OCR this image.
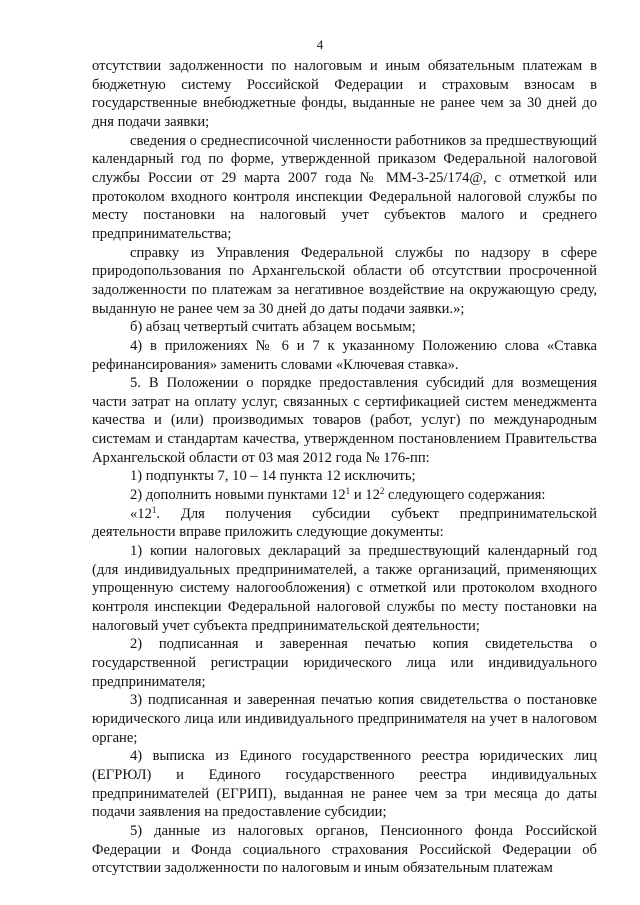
4

отсутствии задолженности по налоговым и иным обязательным платежам в бюджетную систему Российской Федерации и страховым взносам в государственные внебюджетные фонды, выданные не ранее чем за 30 дней до дня подачи заявки;

сведения о среднесписочной численности работников за предшествующий календарный год по форме, утвержденной приказом Федеральной налоговой службы России от 29 марта 2007 года № ММ-3-25/174@, с отметкой или протоколом входного контроля инспекции Федеральной налоговой службы по месту постановки на налоговый учет субъектов малого и среднего предпринимательства;

справку из Управления Федеральной службы по надзору в сфере природопользования по Архангельской области об отсутствии просроченной задолженности по платежам за негативное воздействие на окружающую среду, выданную не ранее чем за 30 дней до даты подачи заявки.»;

б) абзац четвертый считать абзацем восьмым;

4) в приложениях № 6 и 7 к указанному Положению слова «Ставка рефинансирования» заменить словами «Ключевая ставка».

5. В Положении о порядке предоставления субсидий для возмещения части затрат на оплату услуг, связанных с сертификацией систем менеджмента качества и (или) производимых товаров (работ, услуг) по международным системам и стандартам качества, утвержденном постановлением Правительства Архангельской области от 03 мая 2012 года № 176-пп:

1) подпункты 7, 10 – 14 пункта 12 исключить;

2) дополнить новыми пунктами $12^1$ и $12^2$ следующего содержания:

«$12^1$. Для получения субсидии субъект предпринимательской деятельности вправе приложить следующие документы:

1) копии налоговых деклараций за предшествующий календарный год (для индивидуальных предпринимателей, а также организаций, применяющих упрощенную систему налогообложения) с отметкой или протоколом входного контроля инспекции Федеральной налоговой службы по месту постановки на налоговый учет субъекта предпринимательской деятельности;

2) подписанная и заверенная печатью копия свидетельства о государственной регистрации юридического лица или индивидуального предпринимателя;

3) подписанная и заверенная печатью копия свидетельства о постановке юридического лица или индивидуального предпринимателя на учет в налоговом органе;

4) выписка из Единого государственного реестра юридических лиц (ЕГРЮЛ) и Единого государственного реестра индивидуальных предпринимателей (ЕГРИП), выданная не ранее чем за три месяца до даты подачи заявления на предоставление субсидии;

5) данные из налоговых органов, Пенсионного фонда Российской Федерации и Фонда социального страхования Российской Федерации об отсутствии задолженности по налоговым и иным обязательным платежам
